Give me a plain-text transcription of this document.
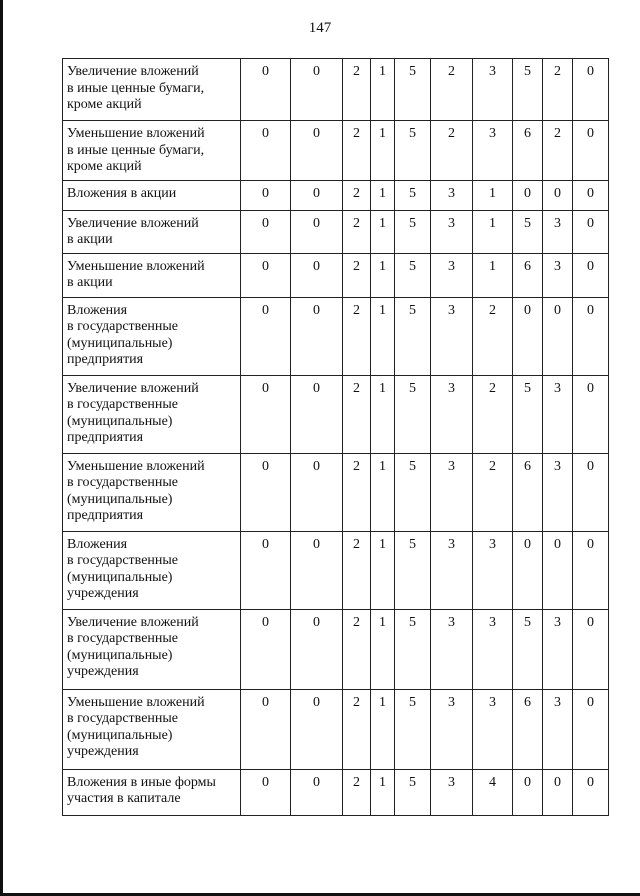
147
Увеличение вложений
в иные ценные бумаги,
кроме акций	0	0	2	1	5	2	3	5	2	0

Уменьшение вложений
в иные ценные бумаги,
кроме акций	0	0	2	1	5	2	3	6	2	0

Вложения в акции	0	0	2	1	5	3	1	0	0	0

Увеличение вложений
в акции	0	0	2	1	5	3	1	5	3	0

Уменьшение вложений
в акции	0	0	2	1	5	3	1	6	3	0

Вложения
в государственные
(муниципальные)
предприятия	0	0	2	1	5	3	2	0	0	0

Увеличение вложений
в государственные
(муниципальные)
предприятия	0	0	2	1	5	3	2	5	3	0

Уменьшение вложений
в государственные
(муниципальные)
предприятия	0	0	2	1	5	3	2	6	3	0

Вложения
в государственные
(муниципальные)
учреждения	0	0	2	1	5	3	3	0	0	0

Увеличение вложений
в государственные
(муниципальные)
учреждения	0	0	2	1	5	3	3	5	3	0

Уменьшение вложений
в государственные
(муниципальные)
учреждения	0	0	2	1	5	3	3	6	3	0

Вложения в иные формы
участия в капитале	0	0	2	1	5	3	4	0	0	0
